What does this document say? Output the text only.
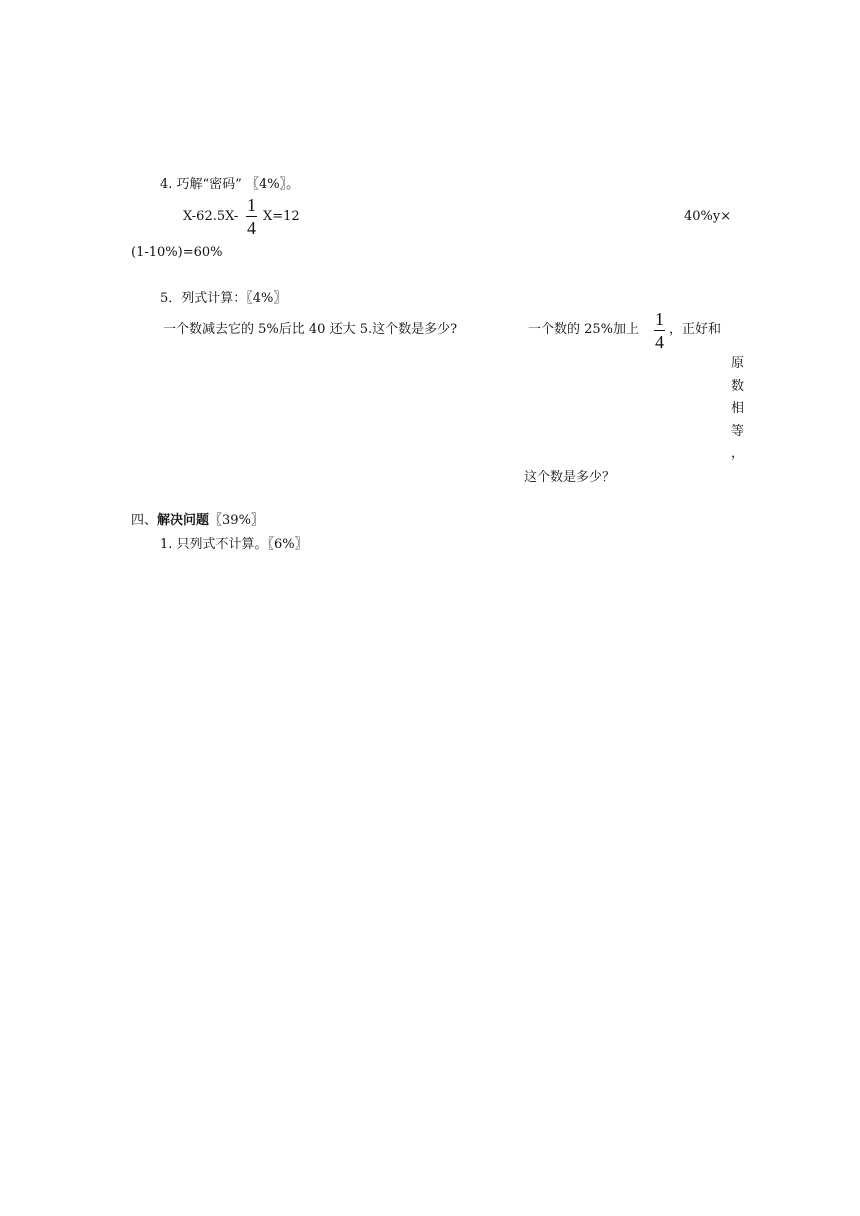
4. 巧解“密码” 〖4%〗。
X-62.5X-
1
4
X=12	40%y×
(1-10%)=60%
5．列式计算：〖4%〗
一个数减去它的 5%后比 40 还大 5.这个数是多少?	一个数的 25%加上
1
4
，正好和
原
数
相
等
，
这个数是多少？
四、解决问题〖39%〗
1. 只列式不计算。〖6%〗
